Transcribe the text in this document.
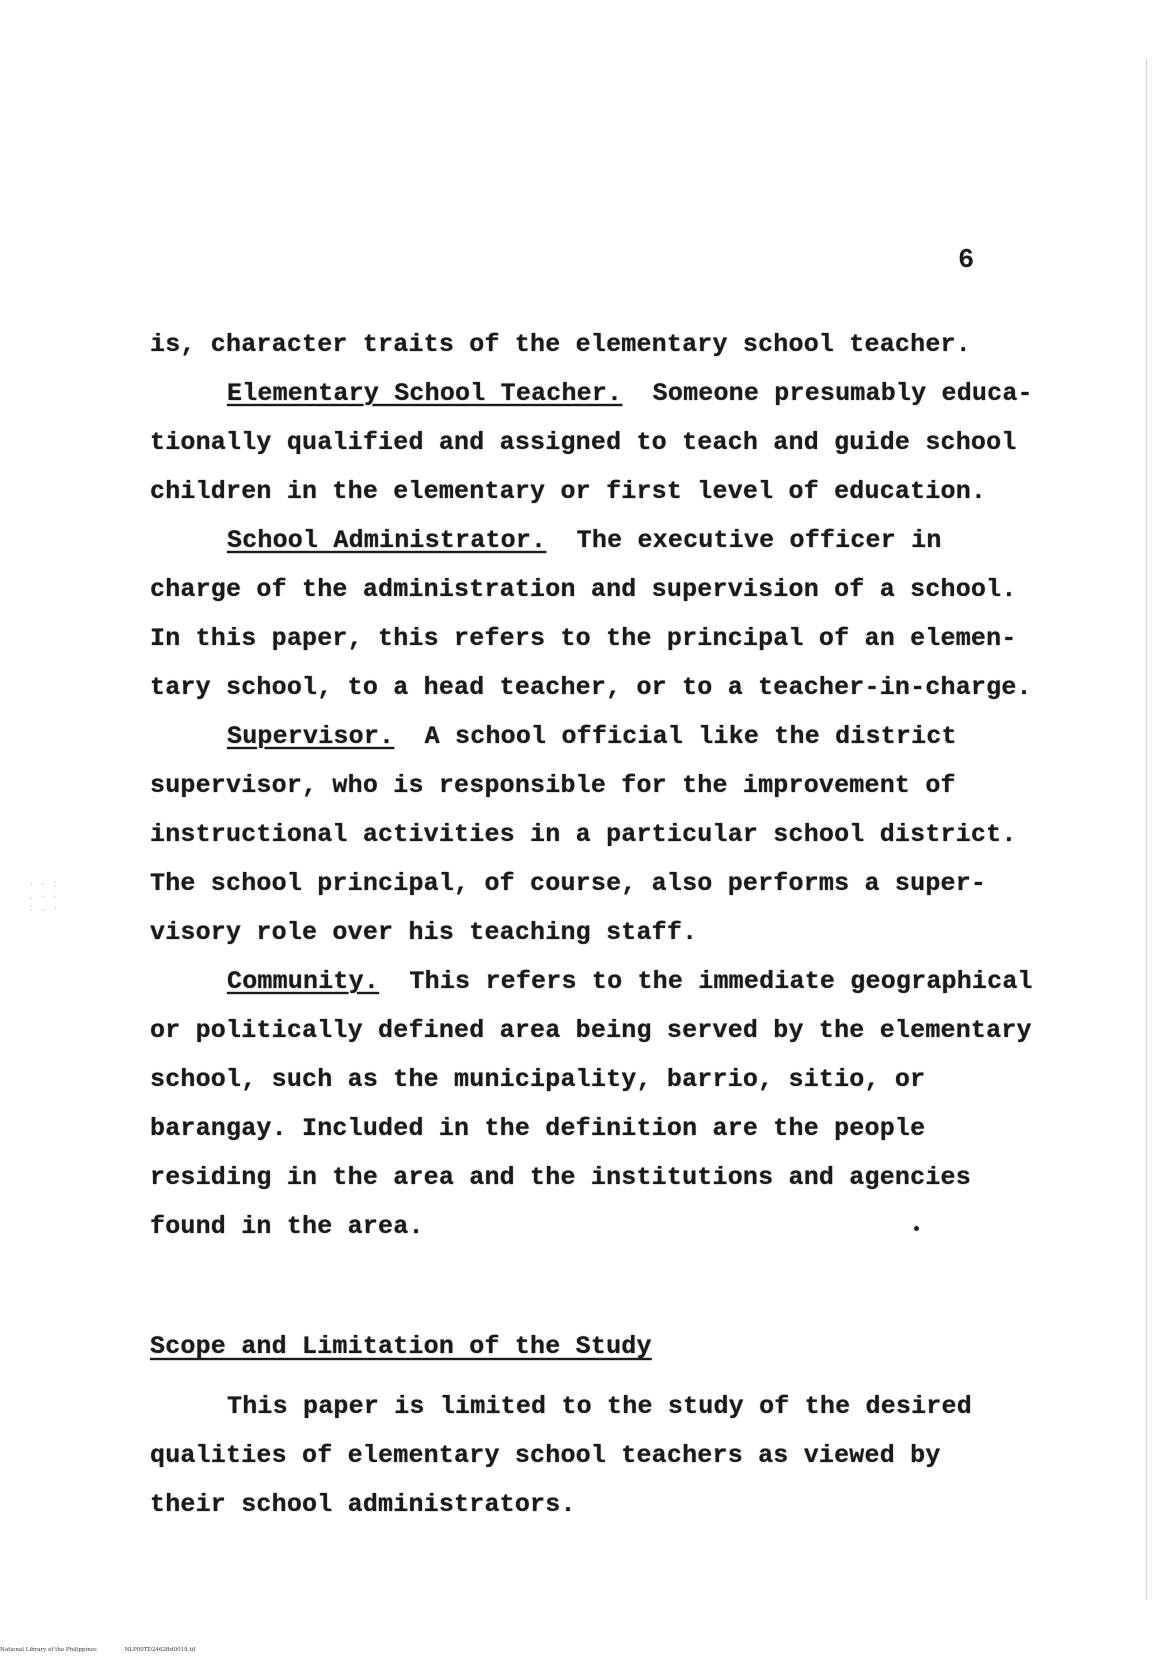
· · :
. · ·
: . ·
6
is, character traits of the elementary school teacher.
Elementary School Teacher.  Someone presumably educa-
tionally qualified and assigned to teach and guide school
children in the elementary or first level of education.
School Administrator.  The executive officer in
charge of the administration and supervision of a school.
In this paper, this refers to the principal of an elemen-
tary school, to a head teacher, or to a teacher-in-charge.
Supervisor.  A school official like the district
supervisor, who is responsible for the improvement of
instructional activities in a particular school district.
The school principal, of course, also performs a super-
visory role over his teaching staff.
Community.  This refers to the immediate geographical
or politically defined area being served by the elementary
school, such as the municipality, barrio, sitio, or
barangay. Included in the definition are the people
residing in the area and the institutions and agencies
found in the area.
Scope and Limitation of the Study
This paper is limited to the study of the desired
qualities of elementary school teachers as viewed by
their school administrators.
National Library of the Philippines	NLP00TD2462ftd0019.tif
